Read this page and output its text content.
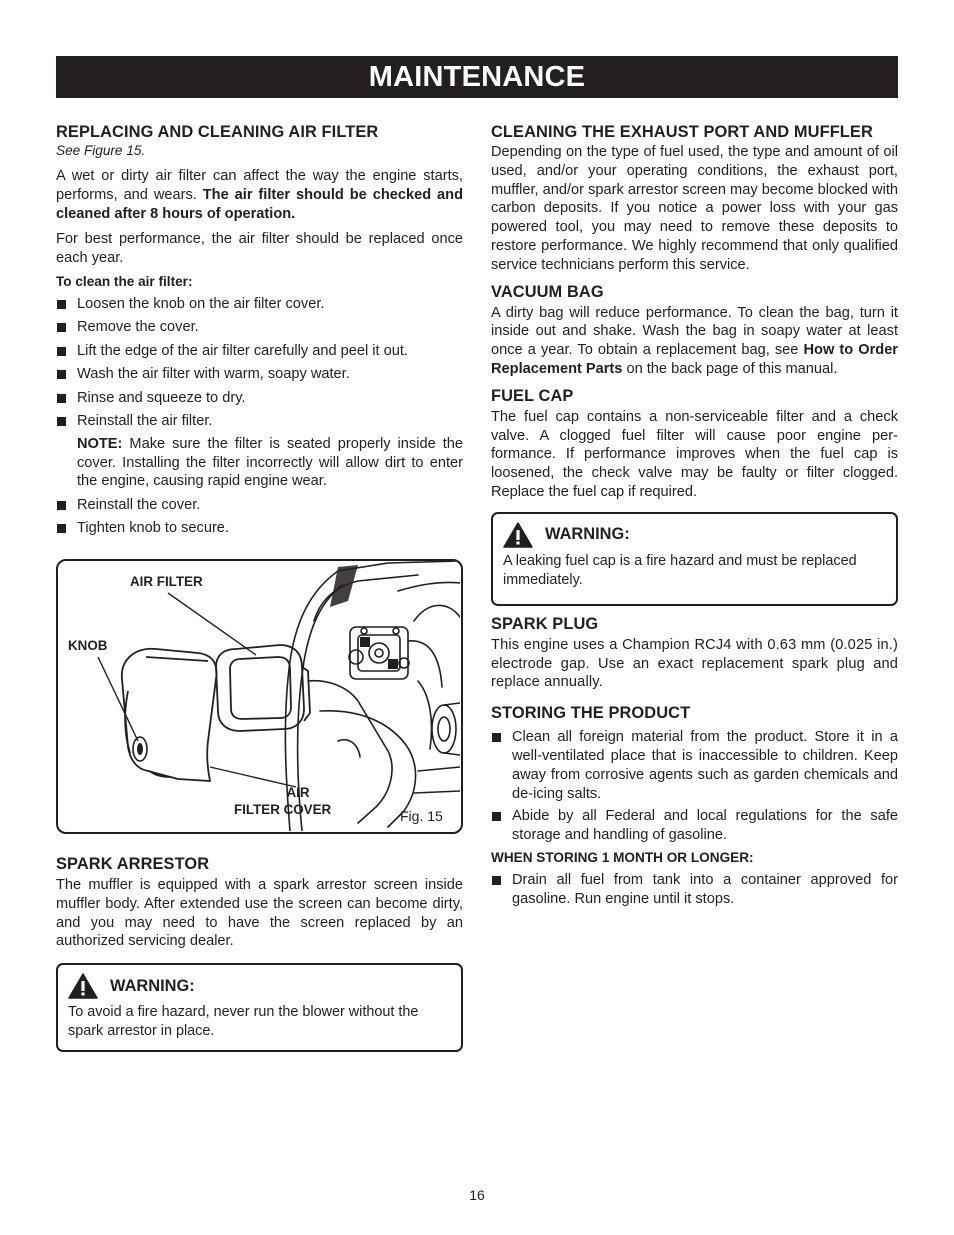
MAINTENANCE
REPLACING AND CLEANING AIR FILTER

See Figure 15.

A wet or dirty air filter can affect the way the engine starts, performs, and wears. The air filter should be checked and cleaned after 8 hours of operation.

For best performance, the air filter should be replaced once each year.

To clean the air filter:

Loosen the knob on the air filter cover.
Remove the cover.
Lift the edge of the air filter carefully and peel it out.
Wash the air filter with warm, soapy water.
Rinse and squeeze to dry.
Reinstall the air filter.

NOTE: Make sure the filter is seated properly inside the cover. Installing the filter incorrectly will allow dirt to enter the engine, causing rapid engine wear.

Reinstall the cover.
Tighten knob to secure.
AIR FILTER
KNOB
AIR
FILTER COVER	Fig. 15
SPARK ARRESTOR

The muffler is equipped with a spark arrestor screen inside muffler body. After extended use the screen can become dirty, and you may need to have the screen replaced by an authorized servicing dealer.

WARNING:

To avoid a fire hazard, never run the blower without the spark arrestor in place.

CLEANING THE EXHAUST PORT AND MUFFLER

Depending on the type of fuel used, the type and amount of oil used, and/or your operating conditions, the exhaust port, muffler, and/or spark arrestor screen may become blocked with carbon deposits. If you notice a power loss with your gas powered tool, you may need to remove these deposits to restore performance. We highly recommend that only qualified service technicians perform this service.

VACUUM BAG

A dirty bag will reduce performance. To clean the bag, turn it inside out and shake. Wash the bag in soapy water at least once a year. To obtain a replacement bag, see How to Order Replacement Parts on the back page of this manual.

FUEL CAP

The fuel cap contains a non-serviceable filter and a check valve. A clogged fuel filter will cause poor engine per-formance. If performance improves when the fuel cap is loosened, the check valve may be faulty or filter clogged. Replace the fuel cap if required.

WARNING:

A leaking fuel cap is a fire hazard and must be replaced immediately.

SPARK PLUG

This engine uses a Champion RCJ4 with 0.63 mm (0.025 in.) electrode gap. Use an exact replacement spark plug and replace annually.

STORING THE PRODUCT
Clean all foreign material from the product. Store it in a well-ventilated place that is inaccessible to children. Keep away from corrosive agents such as garden chemicals and de-icing salts.
Abide by all Federal and local regulations for the safe storage and handling of gasoline.

WHEN STORING 1 MONTH OR LONGER:

Drain all fuel from tank into a container approved for gasoline. Run engine until it stops.
16
